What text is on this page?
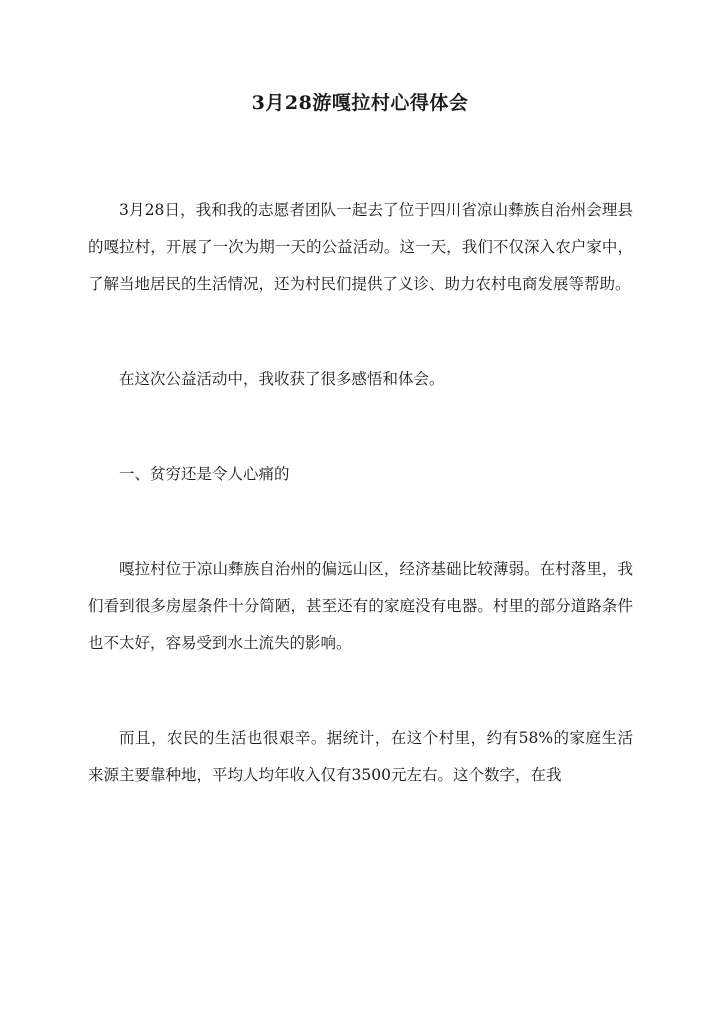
3月28游嘎拉村心得体会

3月28日，我和我的志愿者团队一起去了位于四川省凉山彝族自治州会理县的嘎拉村，开展了一次为期一天的公益活动。这一天，我们不仅深入农户家中，了解当地居民的生活情况，还为村民们提供了义诊、助力农村电商发展等帮助。

在这次公益活动中，我收获了很多感悟和体会。

一、贫穷还是令人心痛的

嘎拉村位于凉山彝族自治州的偏远山区，经济基础比较薄弱。在村落里，我们看到很多房屋条件十分简陋，甚至还有的家庭没有电器。村里的部分道路条件也不太好，容易受到水土流失的影响。

而且，农民的生活也很艰辛。据统计，在这个村里，约有58%的家庭生活来源主要靠种地，平均人均年收入仅有3500元左右。这个数字，在我
